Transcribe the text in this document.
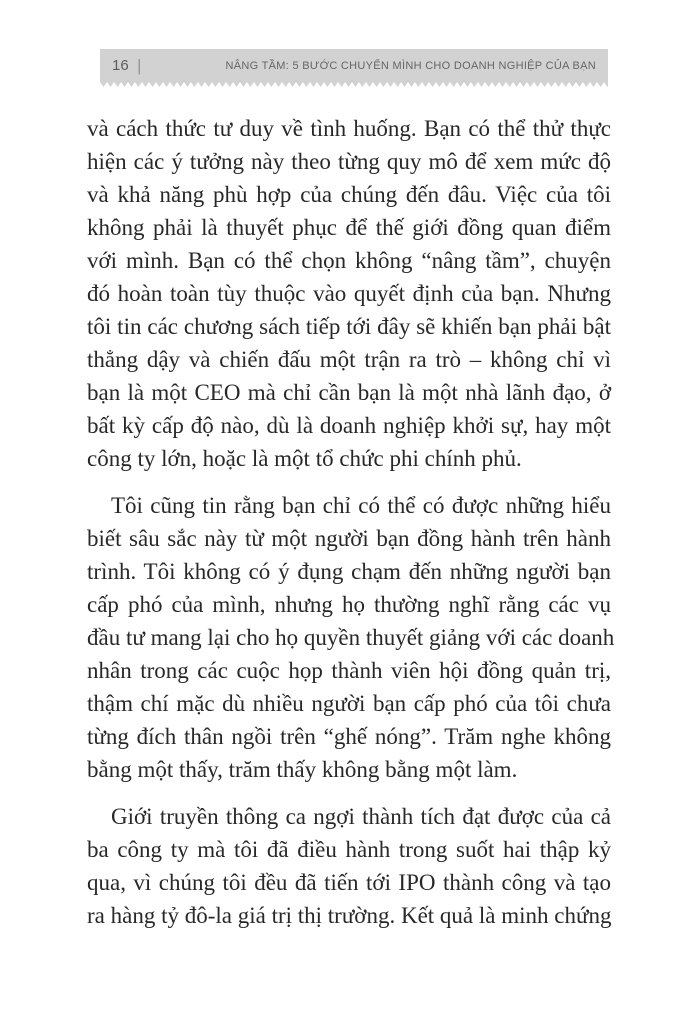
16 |	NÂNG TẦM: 5 BƯỚC CHUYỂN MÌNH CHO DOANH NGHIỆP CỦA BẠN

và cách thức tư duy về tình huống. Bạn có thể thử thực
hiện các ý tưởng này theo từng quy mô để xem mức độ
và khả năng phù hợp của chúng đến đâu. Việc của tôi
không phải là thuyết phục để thế giới đồng quan điểm
với mình. Bạn có thể chọn không “nâng tầm”, chuyện
đó hoàn toàn tùy thuộc vào quyết định của bạn. Nhưng
tôi tin các chương sách tiếp tới đây sẽ khiến bạn phải bật
thẳng dậy và chiến đấu một trận ra trò – không chỉ vì
bạn là một CEO mà chỉ cần bạn là một nhà lãnh đạo, ở
bất kỳ cấp độ nào, dù là doanh nghiệp khởi sự, hay một
công ty lớn, hoặc là một tổ chức phi chính phủ.

Tôi cũng tin rằng bạn chỉ có thể có được những hiểu
biết sâu sắc này từ một người bạn đồng hành trên hành
trình. Tôi không có ý đụng chạm đến những người bạn
cấp phó của mình, nhưng họ thường nghĩ rằng các vụ
đầu tư mang lại cho họ quyền thuyết giảng với các doanh
nhân trong các cuộc họp thành viên hội đồng quản trị,
thậm chí mặc dù nhiều người bạn cấp phó của tôi chưa
từng đích thân ngồi trên “ghế nóng”. Trăm nghe không
bằng một thấy, trăm thấy không bằng một làm.

Giới truyền thông ca ngợi thành tích đạt được của cả
ba công ty mà tôi đã điều hành trong suốt hai thập kỷ
qua, vì chúng tôi đều đã tiến tới IPO thành công và tạo
ra hàng tỷ đô-la giá trị thị trường. Kết quả là minh chứng
